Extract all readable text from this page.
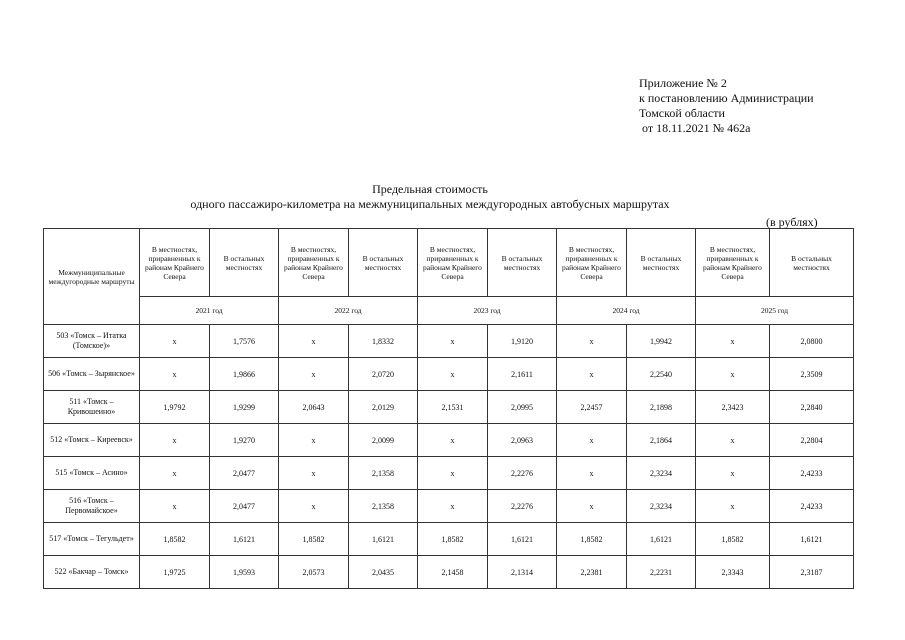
Приложение № 2
к постановлению Администрации
Томской области
от 18.11.2021 № 462а
Предельная стоимость
одного пассажиро-километра на межмуниципальных междугородных автобусных маршрутах
(в рублях)
Межмуниципальные междугородные маршруты	В местностях, приравненных к районам Крайнего Севера	В остальных местностях	В местностях, приравненных к районам Крайнего Севера	В остальных местностях	В местностях, приравненных к районам Крайнего Севера	В остальных местностях	В местностях, приравненных к районам Крайнего Севера	В остальных местностях	В местностях, приравненных к районам Крайнего Севера	В остальных местностях
	2021 год		2022 год		2023 год		2024 год		2025 год	
503 «Томск – Итатка (Томское)»	х	1,7576	х	1,8332	х	1,9120	х	1,9942	х	2,0800
506 «Томск – Зырянское»	х	1,9866	х	2,0720	х	2,1611	х	2,2540	х	2,3509
511 «Томск – Кривошеино»	1,9792	1,9299	2,0643	2,0129	2,1531	2,0995	2,2457	2,1898	2,3423	2,2840
512 «Томск – Киреевск»	х	1,9270	х	2,0099	х	2,0963	х	2,1864	х	2,2804
515 «Томск – Асино»	х	2,0477	х	2,1358	х	2,2276	х	2,3234	х	2,4233
516 «Томск – Первомайское»	х	2,0477	х	2,1358	х	2,2276	х	2,3234	х	2,4233
517 «Томск – Тегульдет»	1,8582	1,6121	1,8582	1,6121	1,8582	1,6121	1,8582	1,6121	1,8582	1,6121
522 «Бакчар – Томск»	1,9725	1,9593	2,0573	2,0435	2,1458	2,1314	2,2381	2,2231	2,3343	2,3187
